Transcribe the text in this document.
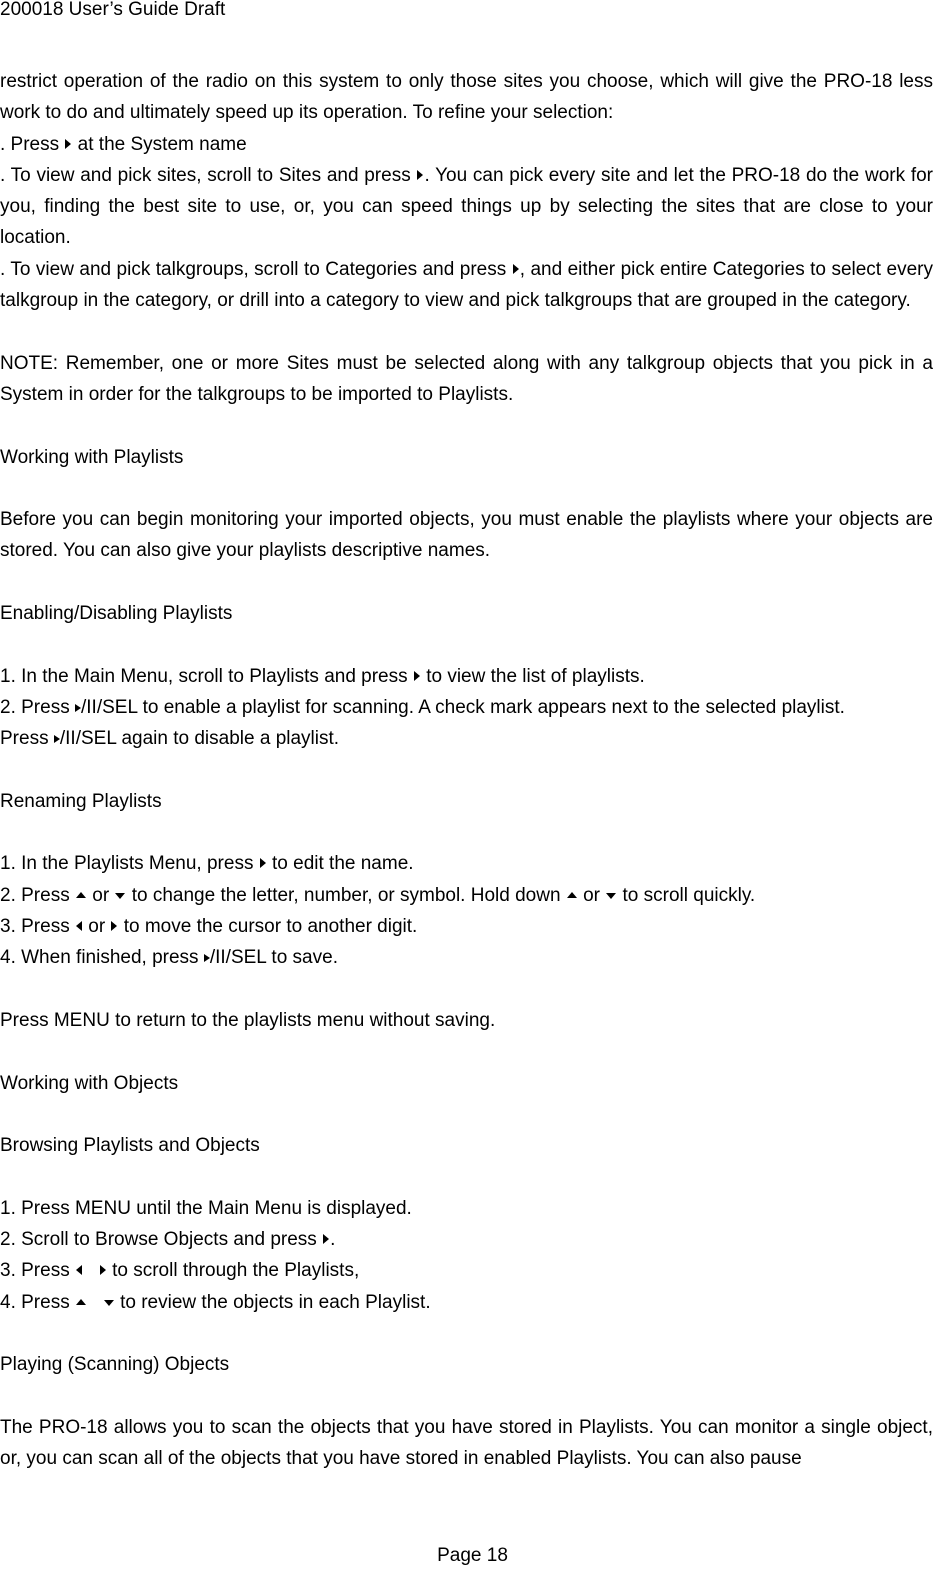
200018 User’s Guide Draft

restrict operation of the radio on this system to only those sites you choose, which will give the PRO-18 less work to do and ultimately speed up its operation. To refine your selection:

. Press  at the System name

. To view and pick sites, scroll to Sites and press . You can pick every site and let the PRO-18 do the work for you, finding the best site to use, or, you can speed things up by selecting the sites that are close to your location.

. To view and pick talkgroups, scroll to Categories and press , and either pick entire Categories to select every talkgroup in the category, or drill into a category to view and pick talkgroups that are grouped in the category.

NOTE: Remember, one or more Sites must be selected along with any talkgroup objects that you pick in a System in order for the talkgroups to be imported to Playlists.

Working with Playlists

Before you can begin monitoring your imported objects, you must enable the playlists where your objects are stored. You can also give your playlists descriptive names.

Enabling/Disabling Playlists

1. In the Main Menu, scroll to Playlists and press  to view the list of playlists.

2. Press /II/SEL to enable a playlist for scanning. A check mark appears next to the selected playlist.

Press /II/SEL again to disable a playlist.

Renaming Playlists

1. In the Playlists Menu, press  to edit the name.

2. Press  or  to change the letter, number, or symbol. Hold down  or  to scroll quickly.

3. Press  or  to move the cursor to another digit.

4. When finished, press /II/SEL to save.

Press MENU to return to the playlists menu without saving.

Working with Objects

Browsing Playlists and Objects

1. Press MENU until the Main Menu is displayed.

2. Scroll to Browse Objects and press .

3. Press     to scroll through the Playlists,

4. Press     to review the objects in each Playlist.

Playing (Scanning) Objects

The PRO-18 allows you to scan the objects that you have stored in Playlists. You can monitor a single object, or, you can scan all of the objects that you have stored in enabled Playlists. You can also pause

Page 18
